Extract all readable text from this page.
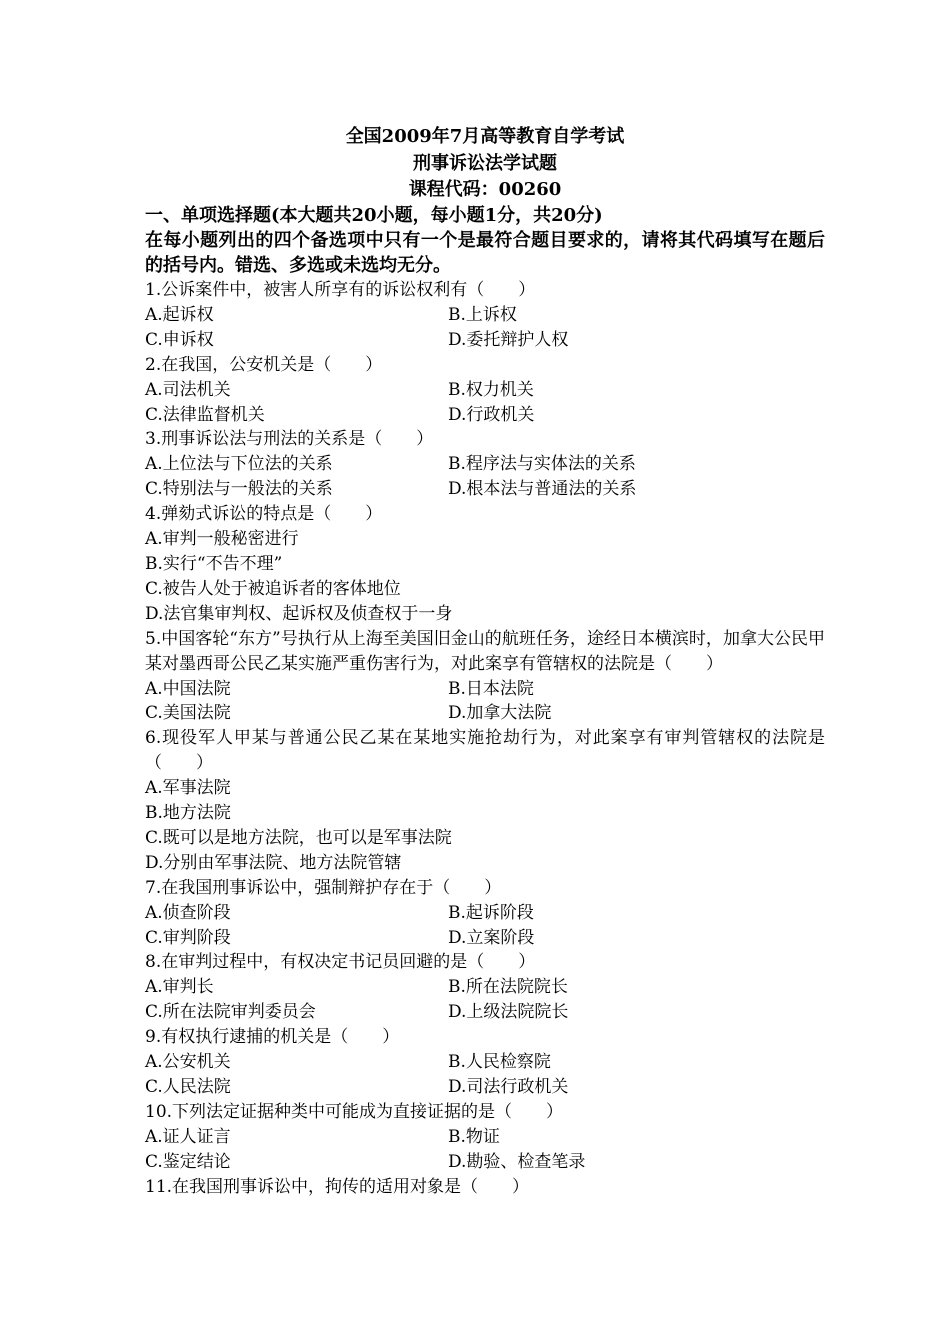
全国2009年7月高等教育自学考试
刑事诉讼法学试题
课程代码：00260
一、单项选择题(本大题共20小题，每小题1分，共20分)
在每小题列出的四个备选项中只有一个是最符合题目要求的，请将其代码填写在题后的括号内。错选、多选或未选均无分。
1.公诉案件中，被害人所享有的诉讼权利有（　　）
A.起诉权	B.上诉权
C.申诉权	D.委托辩护人权
2.在我国，公安机关是（　　）
A.司法机关	B.权力机关
C.法律监督机关	D.行政机关
3.刑事诉讼法与刑法的关系是（　　）
A.上位法与下位法的关系	B.程序法与实体法的关系
C.特别法与一般法的关系	D.根本法与普通法的关系
4.弹劾式诉讼的特点是（　　）
A.审判一般秘密进行
B.实行“不告不理”
C.被告人处于被追诉者的客体地位
D.法官集审判权、起诉权及侦查权于一身
5.中国客轮“东方”号执行从上海至美国旧金山的航班任务，途经日本横滨时，加拿大公民甲某对墨西哥公民乙某实施严重伤害行为，对此案享有管辖权的法院是（　　）
A.中国法院	B.日本法院
C.美国法院	D.加拿大法院
6.现役军人甲某与普通公民乙某在某地实施抢劫行为，对此案享有审判管辖权的法院是（　　）
A.军事法院
B.地方法院
C.既可以是地方法院，也可以是军事法院
D.分别由军事法院、地方法院管辖
7.在我国刑事诉讼中，强制辩护存在于（　　）
A.侦查阶段	B.起诉阶段
C.审判阶段	D.立案阶段
8.在审判过程中，有权决定书记员回避的是（　　）
A.审判长	B.所在法院院长
C.所在法院审判委员会	D.上级法院院长
9.有权执行逮捕的机关是（　　）
A.公安机关	B.人民检察院
C.人民法院	D.司法行政机关
10.下列法定证据种类中可能成为直接证据的是（　　）
A.证人证言	B.物证
C.鉴定结论	D.勘验、检查笔录
11.在我国刑事诉讼中，拘传的适用对象是（　　）
